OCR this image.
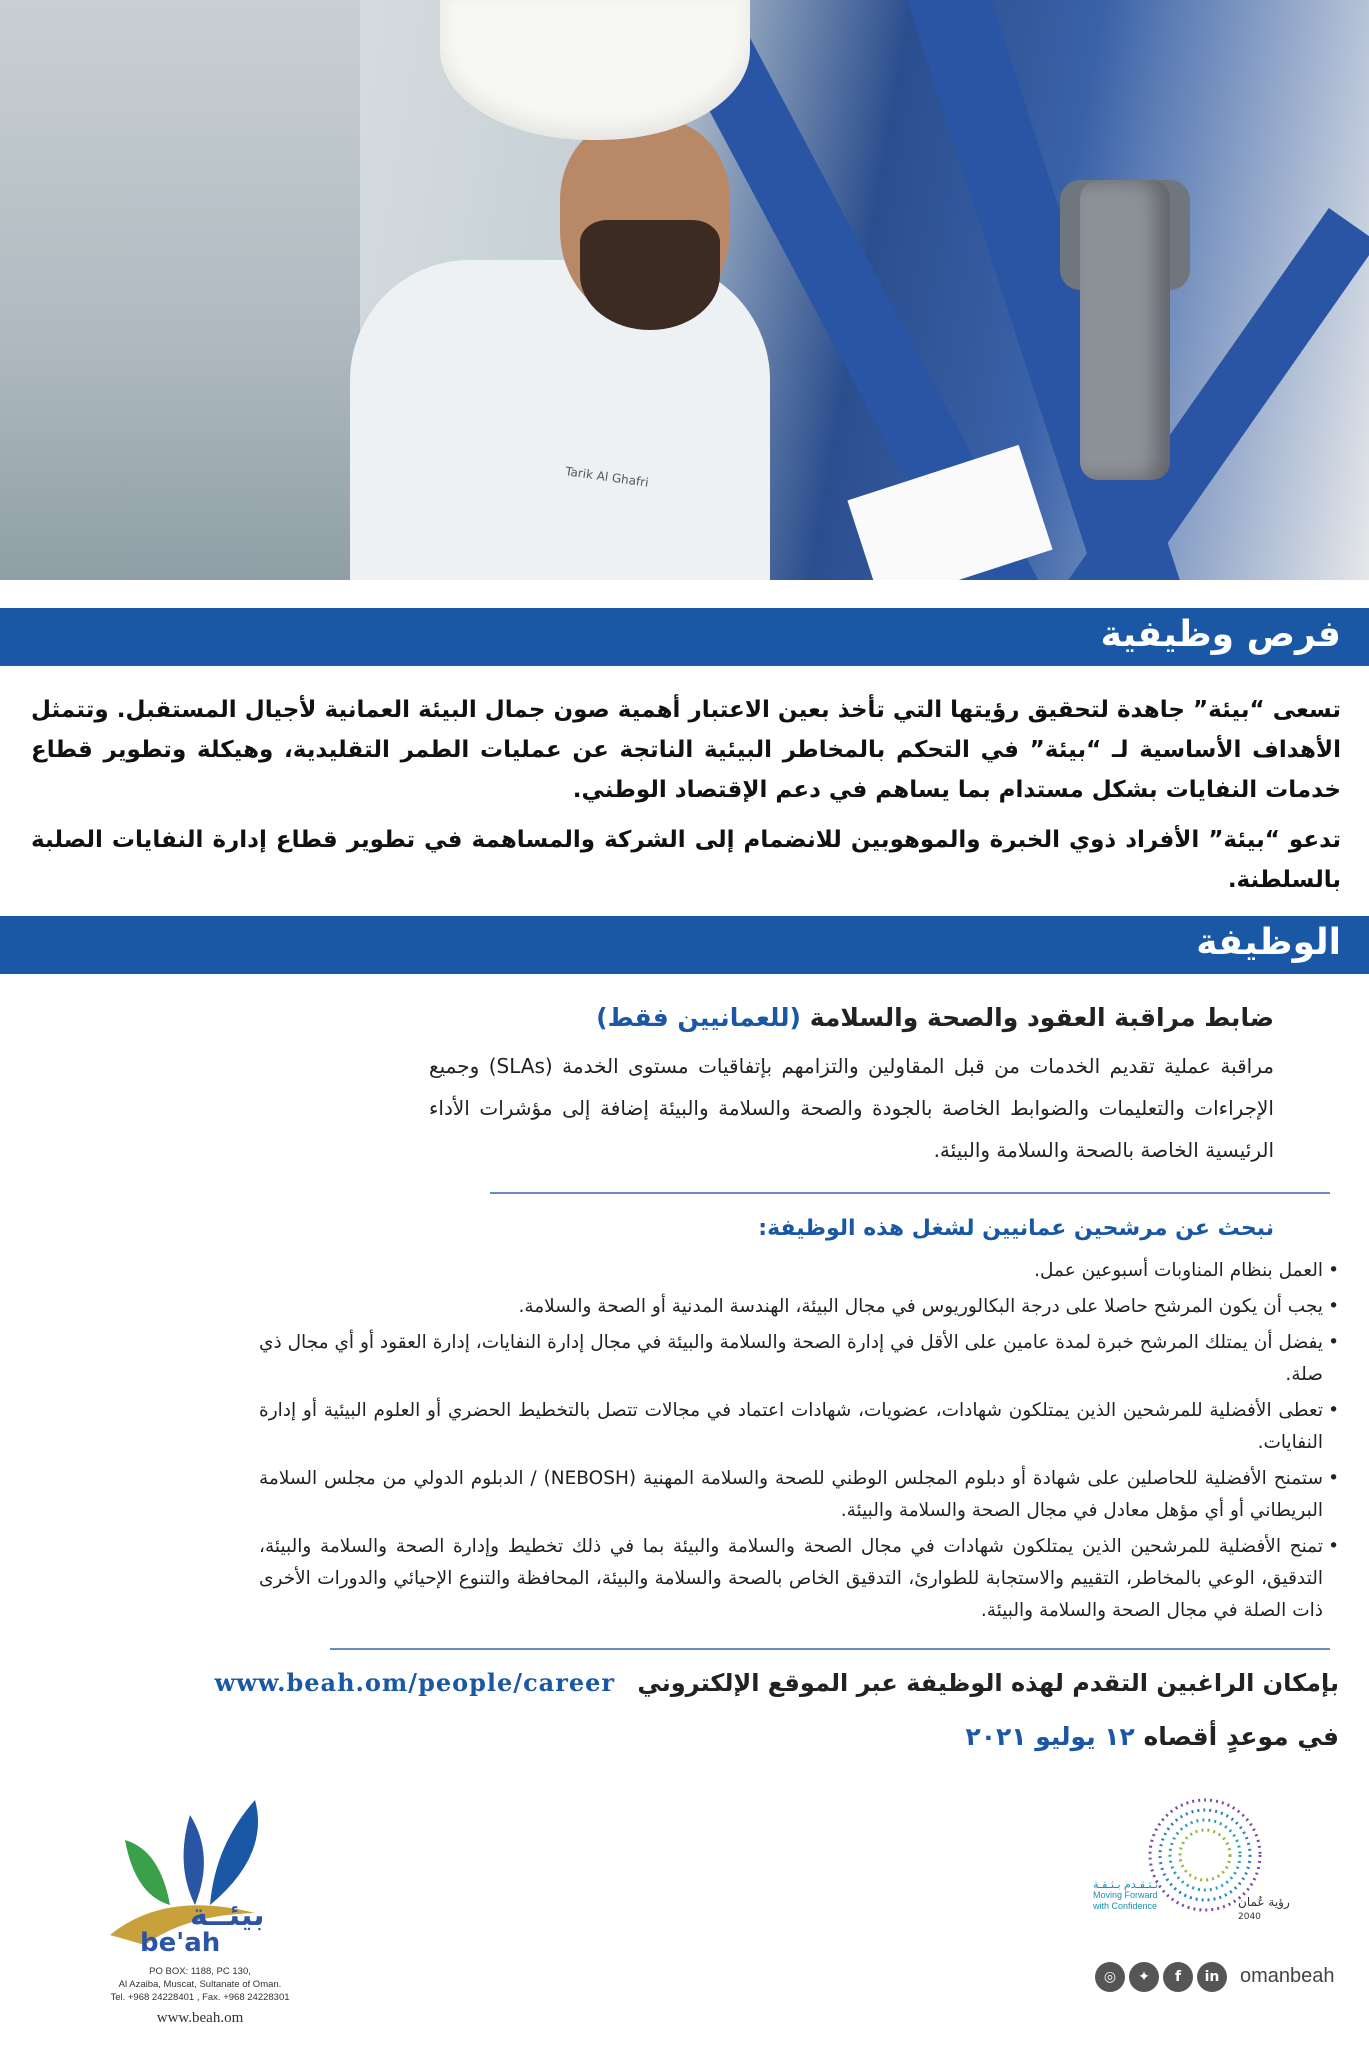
Tarik Al Ghafri
فرص وظيفية
تسعى “بيئة” جاهدة لتحقيق رؤيتها التي تأخذ بعين الاعتبار أهمية صون جمال البيئة العمانية لأجيال المستقبل. وتتمثل الأهداف الأساسية لـ “بيئة” في التحكم بالمخاطر البيئية الناتجة عن عمليات الطمر التقليدية، وهيكلة وتطوير قطاع خدمات النفايات بشكل مستدام بما يساهم في دعم الإقتصاد الوطني.
تدعو “بيئة” الأفراد ذوي الخبرة والموهوبين للانضمام إلى الشركة والمساهمة في تطوير قطاع إدارة النفايات الصلبة بالسلطنة.
الوظيفة
ضابط مراقبة العقود والصحة والسلامة (للعمانيين فقط)
مراقبة عملية تقديم الخدمات من قبل المقاولين والتزامهم بإتفاقيات مستوى الخدمة (SLAs) وجميع الإجراءات والتعليمات والضوابط الخاصة بالجودة والصحة والسلامة والبيئة إضافة إلى مؤشرات الأداء الرئيسية الخاصة بالصحة والسلامة والبيئة.
نبحث عن مرشحين عمانيين لشغل هذه الوظيفة:
• العمل بنظام المناوبات أسبوعين عمل.
• يجب أن يكون المرشح حاصلا على درجة البكالوريوس في مجال البيئة، الهندسة المدنية أو الصحة والسلامة.
• يفضل أن يمتلك المرشح خبرة لمدة عامين على الأقل في إدارة الصحة والسلامة والبيئة في مجال إدارة النفايات، إدارة العقود أو أي مجال ذي صلة.
• تعطى الأفضلية للمرشحين الذين يمتلكون شهادات، عضويات، شهادات اعتماد في مجالات تتصل بالتخطيط الحضري أو العلوم البيئية أو إدارة النفايات.
• ستمنح الأفضلية للحاصلين على شهادة أو دبلوم المجلس الوطني للصحة والسلامة المهنية (NEBOSH) / الدبلوم الدولي من مجلس السلامة البريطاني أو أي مؤهل معادل في مجال الصحة والسلامة والبيئة.
• تمنح الأفضلية للمرشحين الذين يمتلكون شهادات في مجال الصحة والسلامة والبيئة بما في ذلك تخطيط وإدارة الصحة والسلامة والبيئة، التدقيق، الوعي بالمخاطر، التقييم والاستجابة للطوارئ، التدقيق الخاص بالصحة والسلامة والبيئة، المحافظة والتنوع الإحيائي والدورات الأخرى ذات الصلة في مجال الصحة والسلامة والبيئة.
بإمكان الراغبين التقدم لهذه الوظيفة عبر الموقع الإلكتروني www.beah.om/people/career
في موعدٍ أقصاه ١٢ يوليو ٢٠٢١
بيئــة
be'ah
PO BOX: 1188, PC 130,
Al Azaiba, Muscat, Sultanate of Oman.
Tel. +968 24228401 , Fax. +968 24228301
www.beah.om
رؤية عُمان
2040
نـتـقـدم بـثـقـة
Moving Forward with Confidence
◎	✦	f	in	omanbeah
